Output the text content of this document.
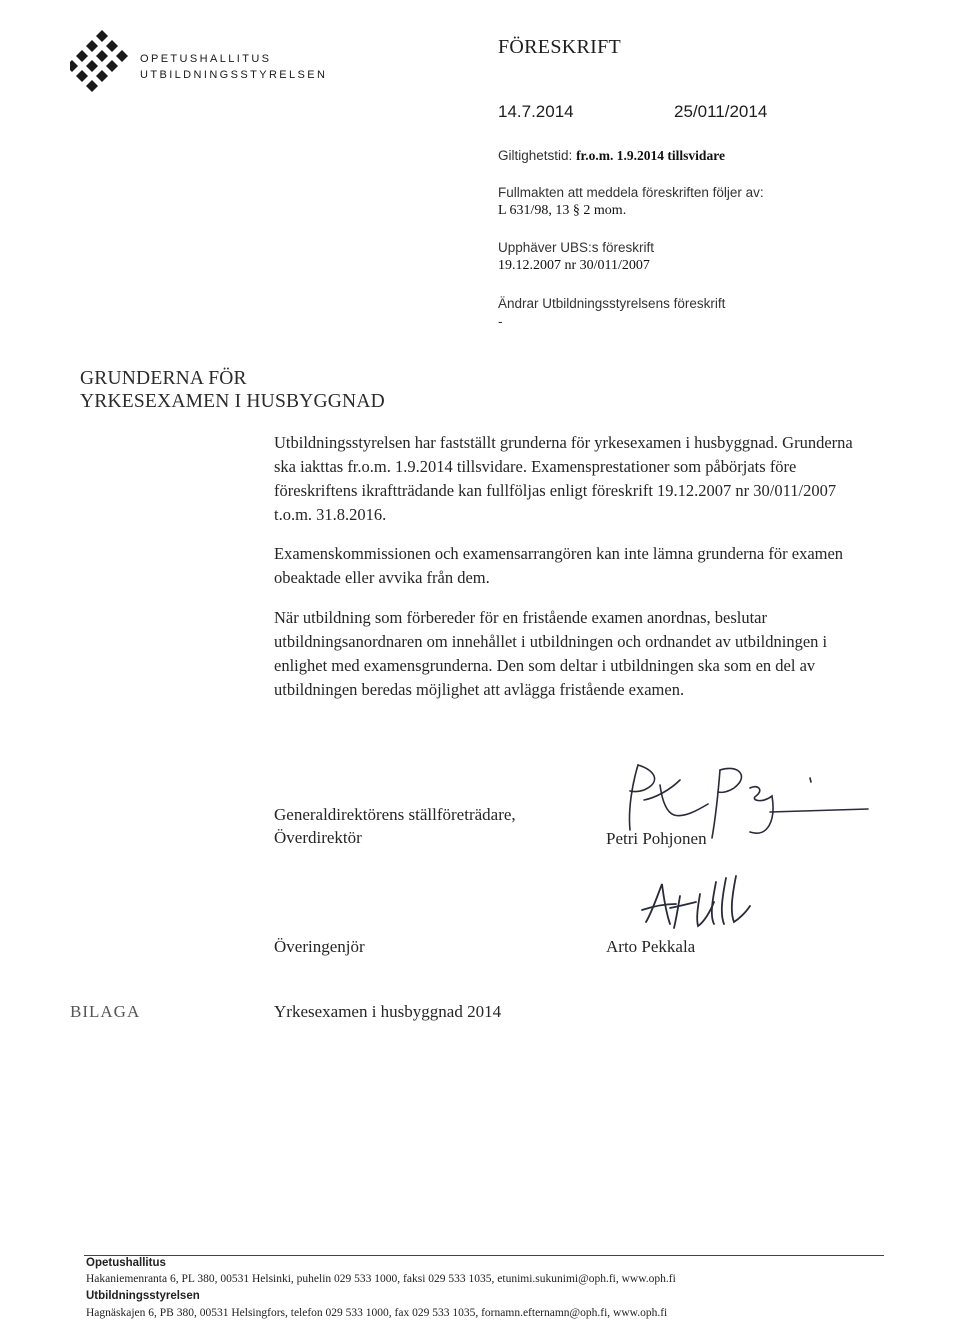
OPETUSHALLITUS
UTBILDNINGSSTYRELSEN
FÖRESKRIFT
14.7.2014	25/011/2014
Giltighetstid: fr.o.m. 1.9.2014 tillsvidare
Fullmakten att meddela föreskriften följer av:
L 631/98, 13 § 2 mom.
Upphäver UBS:s föreskrift
19.12.2007 nr 30/011/2007
Ändrar Utbildningsstyrelsens föreskrift
-
GRUNDERNA FÖR
YRKESEXAMEN I HUSBYGGNAD

Utbildningsstyrelsen har fastställt grunderna för yrkesexamen i husbyggnad. Grunderna ska iakttas fr.o.m. 1.9.2014 tillsvidare. Examensprestationer som påbörjats före föreskriftens ikraftträdande kan fullföljas enligt föreskrift 19.12.2007 nr 30/011/2007 t.o.m. 31.8.2016.

Examenskommissionen och examensarrangören kan inte lämna grunderna för examen obeaktade eller avvika från dem.

När utbildning som förbereder för en fristående examen anordnas, beslutar utbildningsanordnaren om innehållet i utbildningen och ordnandet av utbildningen i enlighet med examensgrunderna. Den som deltar i utbildningen ska som en del av utbildningen beredas möjlighet att avlägga fristående examen.

Generaldirektörens ställföreträdare,
Överdirektör	Petri Pohjonen
Överingenjör	Arto Pekkala
BILAGA	Yrkesexamen i husbyggnad 2014
Opetushallitus
Hakaniemenranta 6, PL 380, 00531 Helsinki, puhelin 029 533 1000, faksi 029 533 1035, etunimi.sukunimi@oph.fi, www.oph.fi
Utbildningsstyrelsen
Hagnäskajen 6, PB 380, 00531 Helsingfors, telefon 029 533 1000, fax 029 533 1035, fornamn.efternamn@oph.fi, www.oph.fi
